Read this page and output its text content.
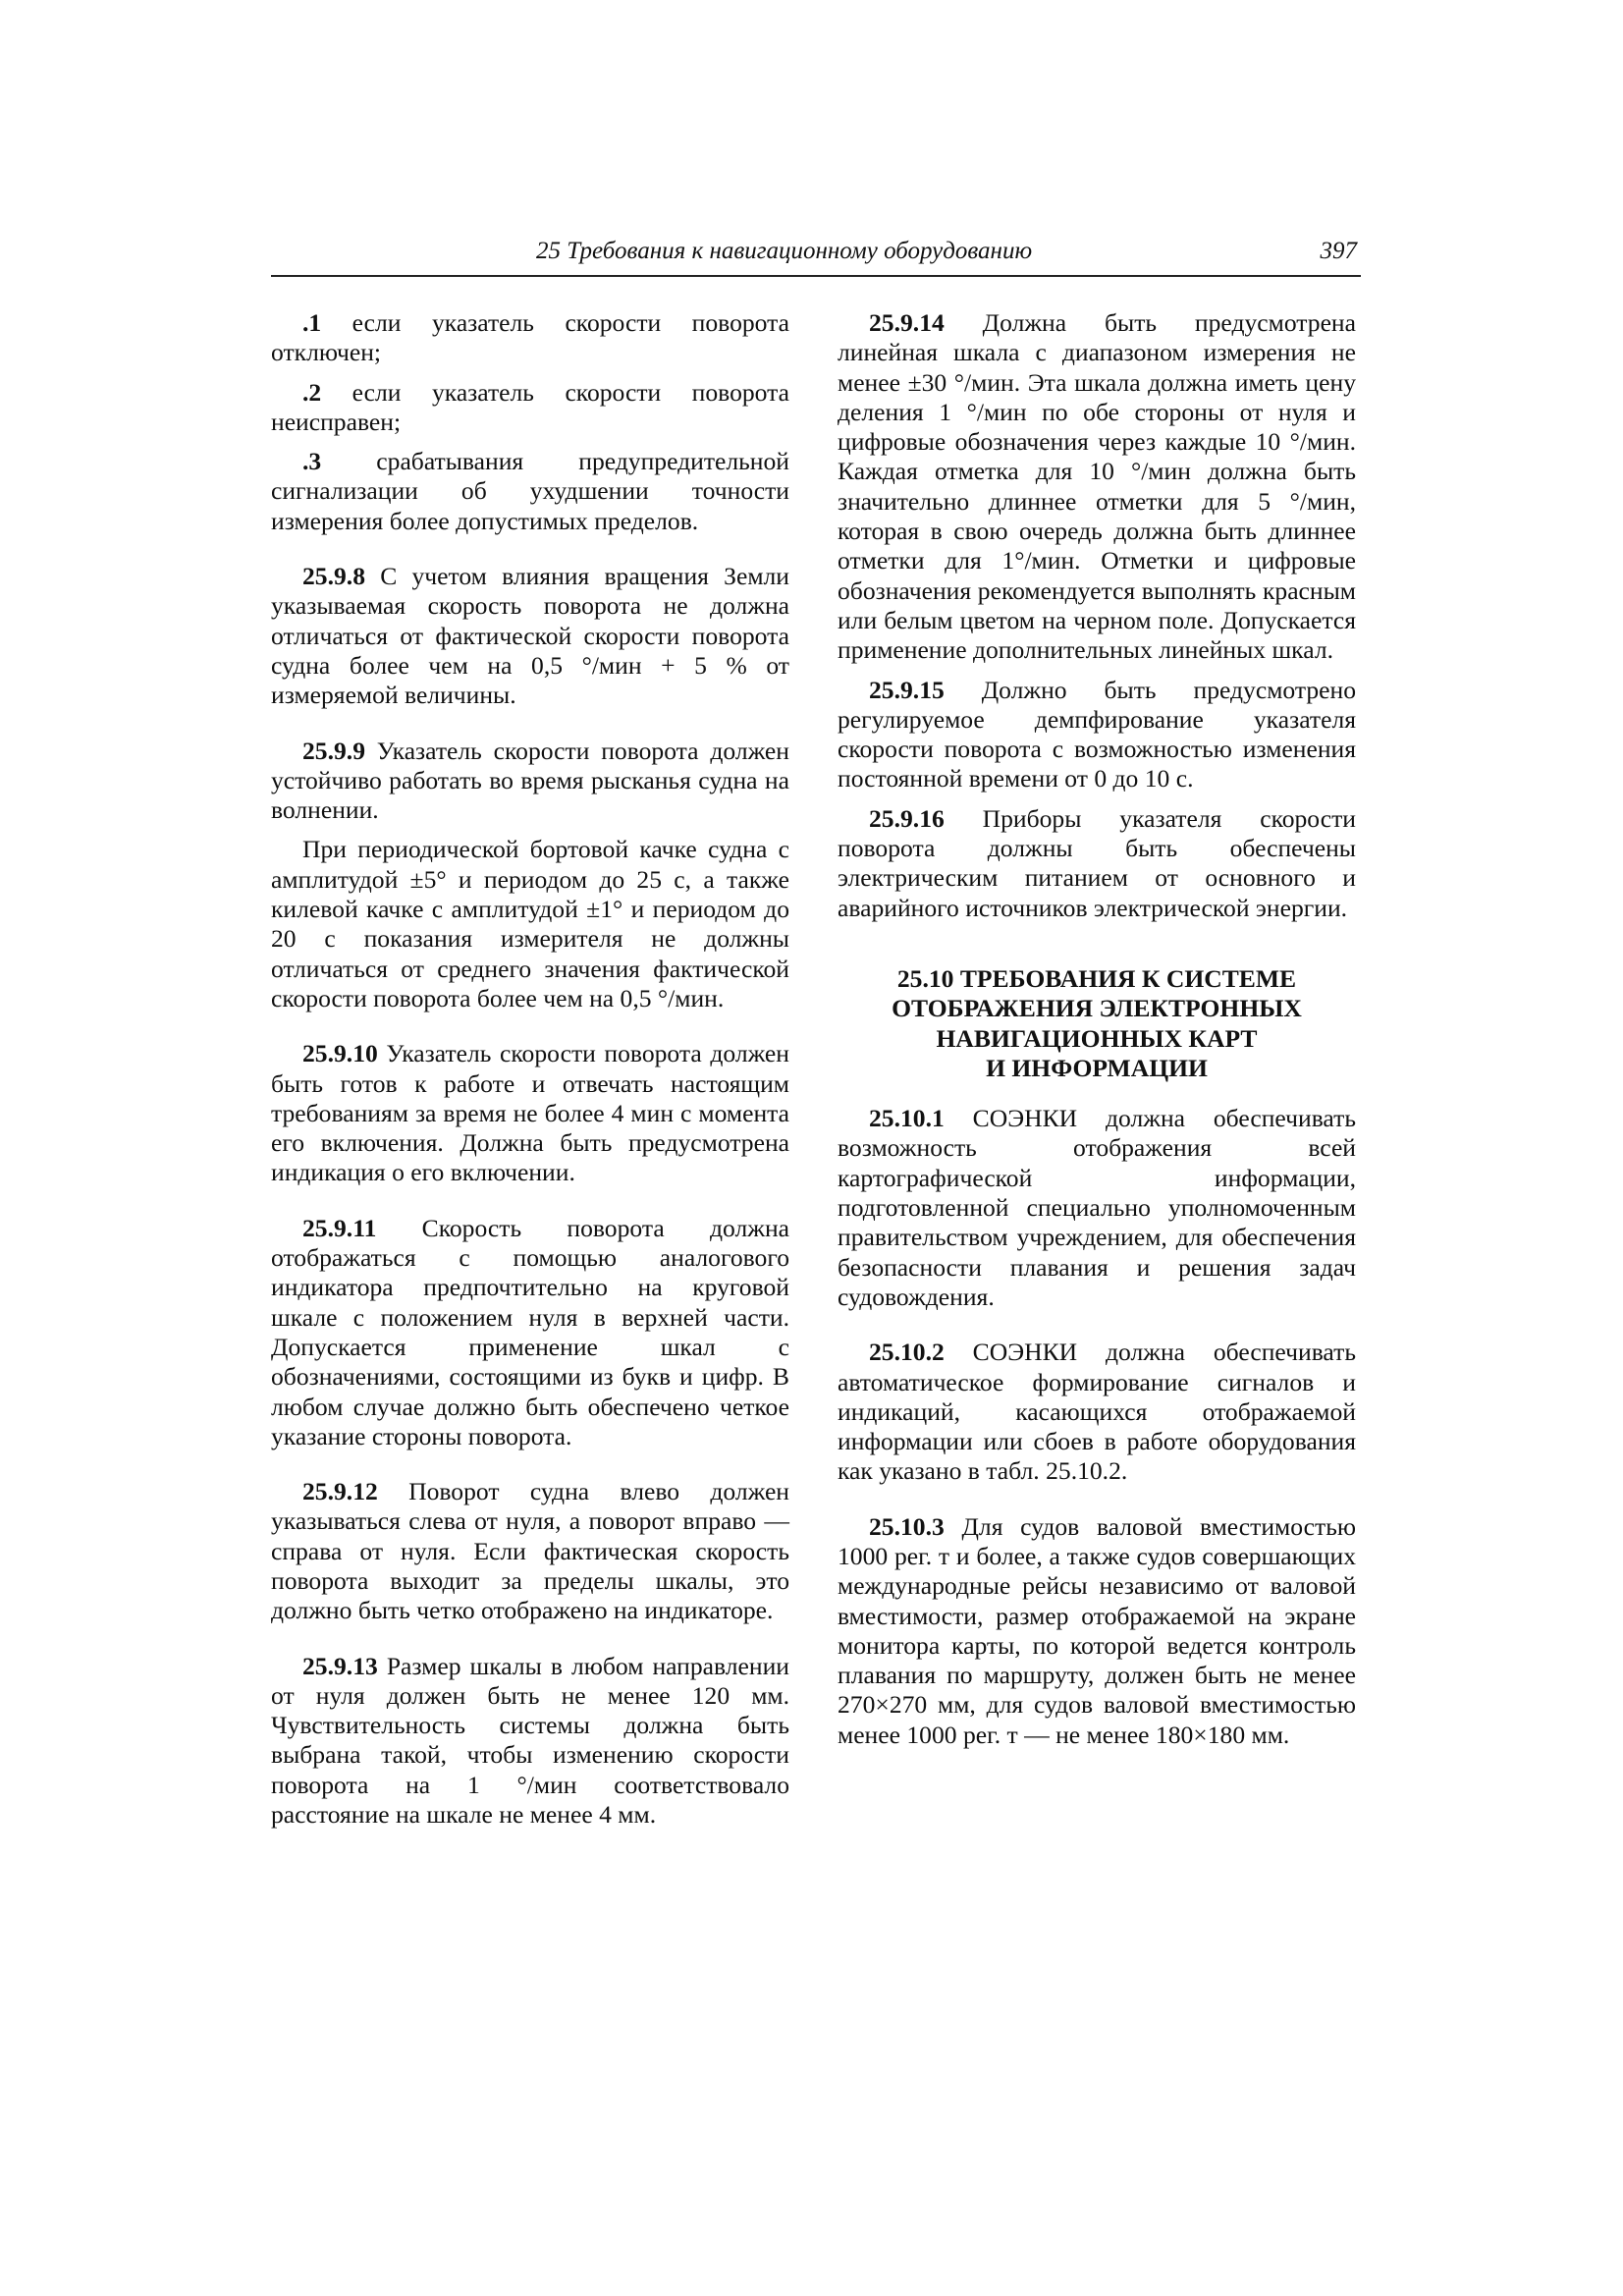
25 Требования к навигационному оборудованию	397

.1 если указатель скорости поворота отключен;

.2 если указатель скорости поворота неисправен;

.3 срабатывания предупредительной сигнализации об ухудшении точности измерения более допустимых пределов.

25.9.8 С учетом влияния вращения Земли указываемая скорость поворота не должна отличаться от фактической скорости поворота судна более чем на 0,5 °/мин + 5 % от измеряемой величины.

25.9.9 Указатель скорости поворота должен устойчиво работать во время рысканья судна на волнении.

При периодической бортовой качке судна с амплитудой ±5° и периодом до 25 с, а также килевой качке с амплитудой ±1° и периодом до 20 с показания измерителя не должны отличаться от среднего значения фактической скорости поворота более чем на 0,5 °/мин.

25.9.10 Указатель скорости поворота должен быть готов к работе и отвечать настоящим требованиям за время не более 4 мин с момента его включения. Должна быть предусмотрена индикация о его включении.

25.9.11 Скорость поворота должна отображаться с помощью аналогового индикатора предпочтительно на круговой шкале с положением нуля в верхней части. Допускается применение шкал с обозначениями, состоящими из букв и цифр. В любом случае должно быть обеспечено четкое указание стороны поворота.

25.9.12 Поворот судна влево должен указываться слева от нуля, а поворот вправо — справа от нуля. Если фактическая скорость поворота выходит за пределы шкалы, это должно быть четко отображено на индикаторе.

25.9.13 Размер шкалы в любом направлении от нуля должен быть не менее 120 мм. Чувствительность системы должна быть выбрана такой, чтобы изменению скорости поворота на 1 °/мин соответствовало расстояние на шкале не менее 4 мм.

25.9.14 Должна быть предусмотрена линейная шкала с диапазоном измерения не менее ±30 °/мин. Эта шкала должна иметь цену деления 1 °/мин по обе стороны от нуля и цифровые обозначения через каждые 10 °/мин. Каждая отметка для 10 °/мин должна быть значительно длиннее отметки для 5 °/мин, которая в свою очередь должна быть длиннее отметки для 1°/мин. Отметки и цифровые обозначения рекомендуется выполнять красным или белым цветом на черном поле. Допускается применение дополнительных линейных шкал.

25.9.15 Должно быть предусмотрено регулируемое демпфирование указателя скорости поворота с возможностью изменения постоянной времени от 0 до 10 с.

25.9.16 Приборы указателя скорости поворота должны быть обеспечены электрическим питанием от основного и аварийного источников электрической энергии.

25.10 ТРЕБОВАНИЯ К СИСТЕМЕ
ОТОБРАЖЕНИЯ ЭЛЕКТРОННЫХ
НАВИГАЦИОННЫХ КАРТ
И ИНФОРМАЦИИ

25.10.1 СОЭНКИ должна обеспечивать возможность отображения всей картографической информации, подготовленной специально уполномоченным правительством учреждением, для обеспечения безопасности плавания и решения задач судовождения.

25.10.2 СОЭНКИ должна обеспечивать автоматическое формирование сигналов и индикаций, касающихся отображаемой информации или сбоев в работе оборудования как указано в табл. 25.10.2.

25.10.3 Для судов валовой вместимостью 1000 рег. т и более, а также судов совершающих международные рейсы независимо от валовой вместимости, размер отображаемой на экране монитора карты, по которой ведется контроль плавания по маршруту, должен быть не менее 270×270 мм, для судов валовой вместимостью менее 1000 рег. т — не менее 180×180 мм.
